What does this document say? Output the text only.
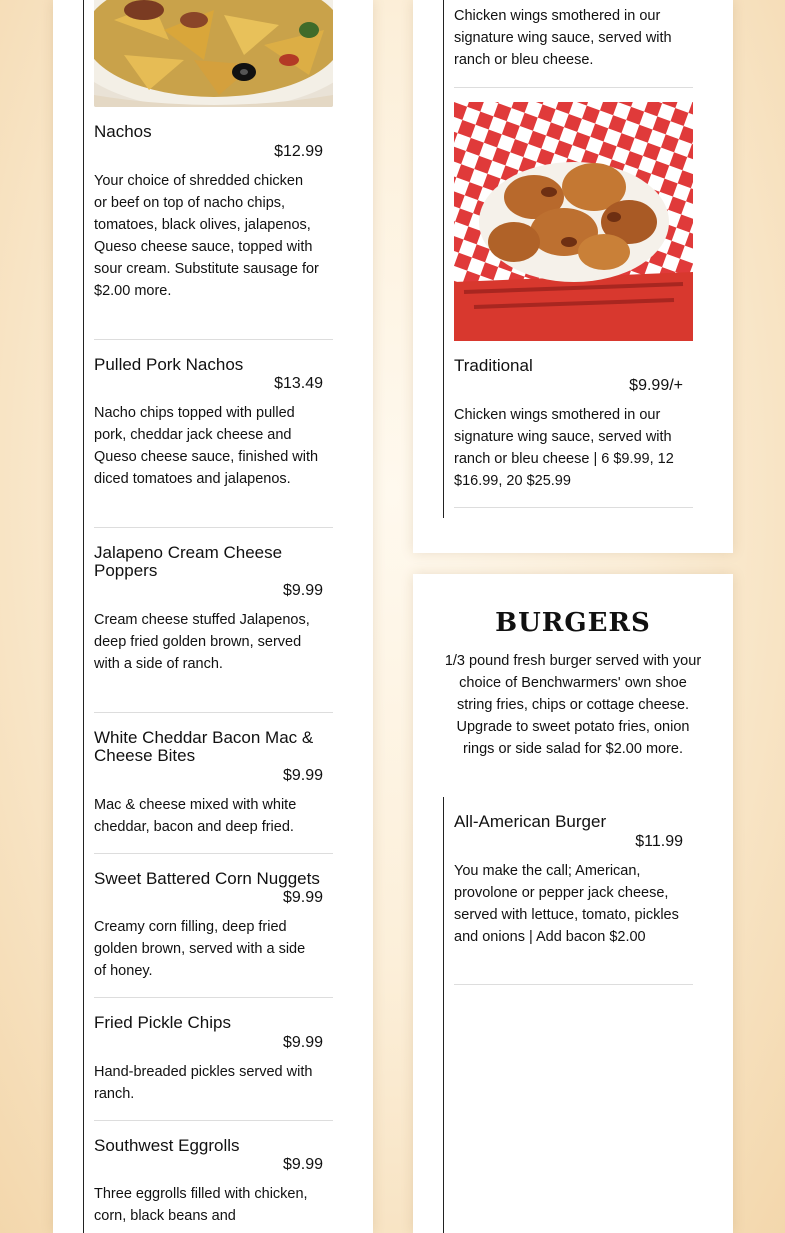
Nachos
$12.99
Your choice of shredded chicken or beef on top of nacho chips, tomatoes, black olives, jalapenos, Queso cheese sauce, topped with sour cream. Substitute sausage for $2.00 more.
Pulled Pork Nachos
$13.49
Nacho chips topped with pulled pork, cheddar jack cheese and Queso cheese sauce, finished with diced tomatoes and jalapenos.
Jalapeno Cream Cheese Poppers
$9.99
Cream cheese stuffed Jalapenos, deep fried golden brown, served with a side of ranch.
White Cheddar Bacon Mac & Cheese Bites
$9.99
Mac & cheese mixed with white cheddar, bacon and deep fried.
Sweet Battered Corn Nuggets
$9.99
Creamy corn filling, deep fried golden brown, served with a side of honey.
Fried Pickle Chips
$9.99
Hand-breaded pickles served with ranch.
Southwest Eggrolls
$9.99
Three eggrolls filled with chicken, corn, black beans and
Chicken wings smothered in our signature wing sauce, served with ranch or bleu cheese.
Traditional
$9.99/+
Chicken wings smothered in our signature wing sauce, served with ranch or bleu cheese | 6 $9.99, 12 $16.99, 20 $25.99
BURGERS
1/3 pound fresh burger served with your choice of Benchwarmers' own shoe string fries, chips or cottage cheese. Upgrade to sweet potato fries, onion rings or side salad for $2.00 more.
All-American Burger
$11.99
You make the call; American, provolone or pepper jack cheese, served with lettuce, tomato, pickles and onions | Add bacon $2.00
